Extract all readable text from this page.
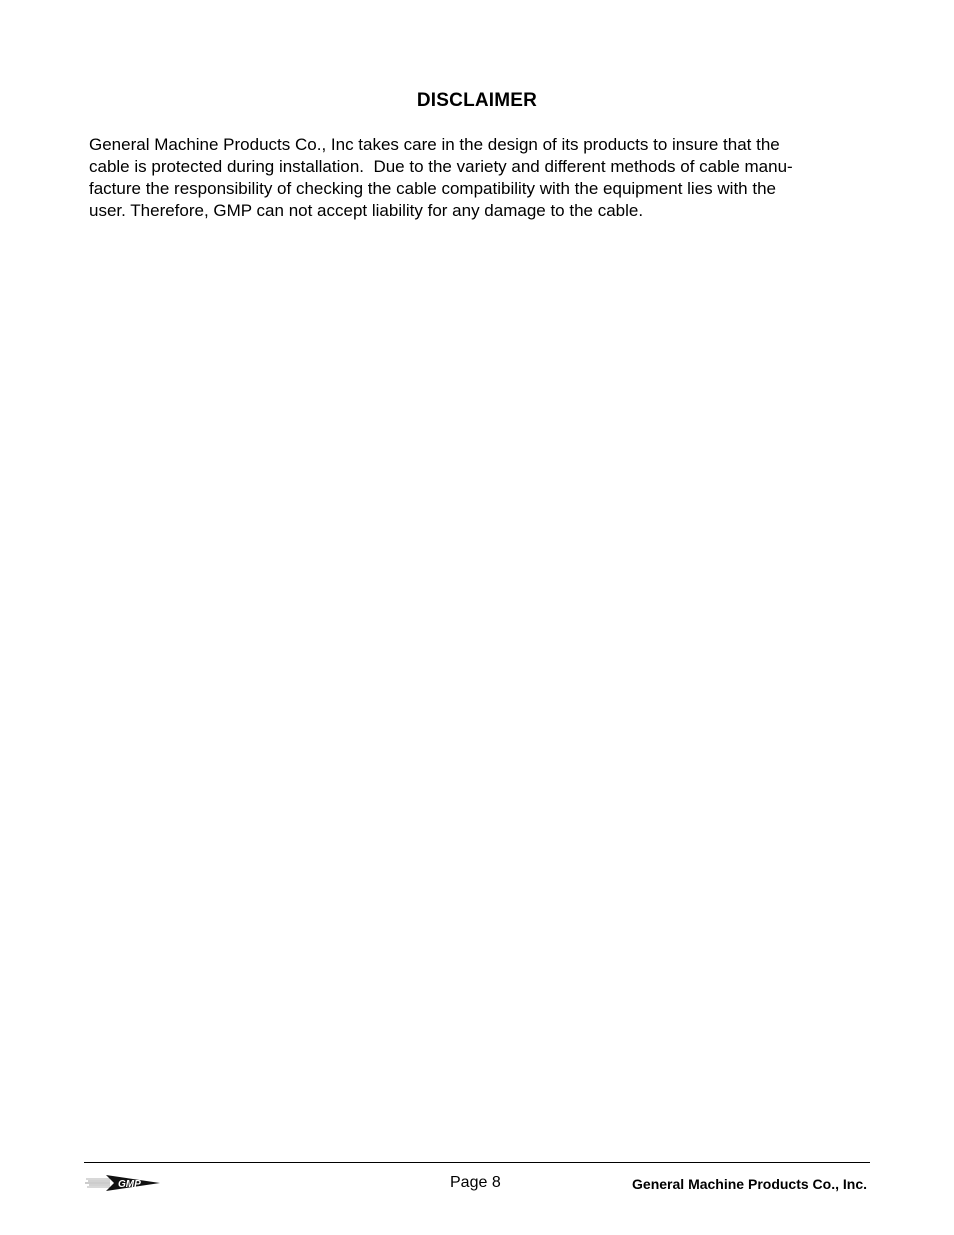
DISCLAIMER
General Machine Products Co., Inc takes care in the design of its products to insure that the
cable is protected during installation.  Due to the variety and different methods of cable manu-
facture the responsibility of checking the cable compatibility with the equipment lies with the
user. Therefore, GMP can not accept liability for any damage to the cable.
GMP	Page 8	General Machine Products Co., Inc.
